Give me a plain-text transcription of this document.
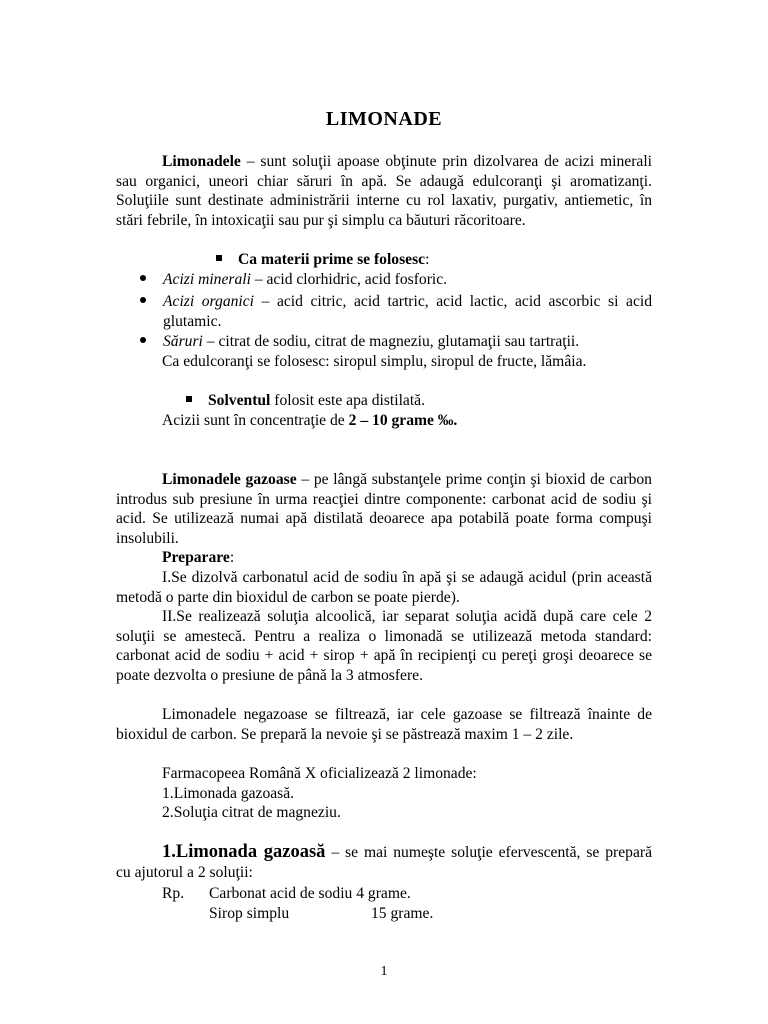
LIMONADE
Limonadele – sunt soluţii apoase obţinute prin dizolvarea de acizi minerali sau organici, uneori chiar săruri în apă. Se adaugă edulcoranţi şi aromatizanţi. Soluţiile sunt destinate administrării interne cu rol laxativ, purgativ, antiemetic, în stări febrile, în intoxicaţii sau pur şi simplu ca băuturi răcoritoare.
Ca materii prime se folosesc:
Acizi minerali – acid clorhidric, acid fosforic.
Acizi organici – acid citric, acid tartric, acid lactic, acid ascorbic si acid glutamic.
Săruri – citrat de sodiu, citrat de magneziu, glutamaţii sau tartraţii.
Ca edulcoranţi se folosesc: siropul simplu, siropul de fructe, lămâia.
Solventul folosit este apa distilată.
Acizii sunt în concentraţie de 2 – 10 grame ‰.
Limonadele gazoase – pe lângă substanţele prime conţin şi bioxid de carbon introdus sub presiune în urma reacţiei dintre componente: carbonat acid de sodiu şi acid. Se utilizează numai apă distilată deoarece apa potabilă poate forma compuşi insolubili.
Preparare:
I.Se dizolvă carbonatul acid de sodiu în apă şi se adaugă acidul (prin această metodă o parte din bioxidul de carbon se poate pierde).
II.Se realizează soluţia alcoolică, iar separat soluţia acidă după care cele 2 soluţii se amestecă. Pentru a realiza o limonadă se utilizează metoda standard: carbonat acid de sodiu + acid + sirop + apă în recipienţi cu pereţi groşi deoarece se poate dezvolta o presiune de până la 3 atmosfere.
Limonadele negazoase se filtrează, iar cele gazoase se filtrează înainte de bioxidul de carbon. Se prepară la nevoie şi se păstrează maxim 1 – 2 zile.
Farmacopeea Română X oficializează 2 limonade:
1.Limonada gazoasă.
2.Soluţia citrat de magneziu.
1.Limonada gazoasă – se mai numeşte soluţie efervescentă, se prepară cu ajutorul a 2 soluţii:
Rp. Carbonat acid de sodiu 4 grame.
Sirop simplu	15 grame.
1
